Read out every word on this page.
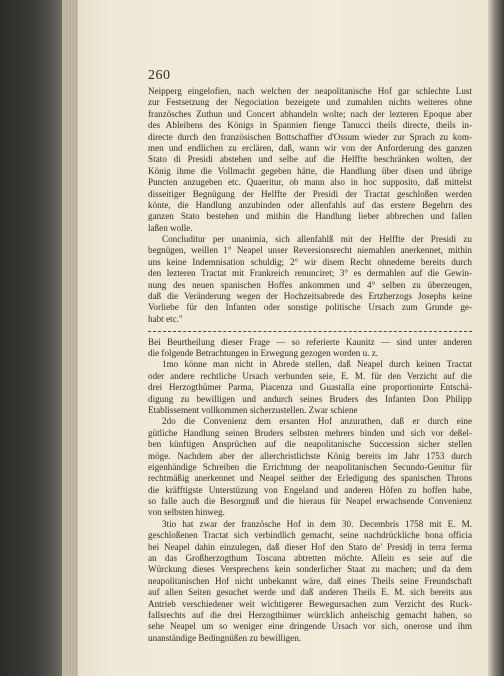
260
Neipperg eingelofien, nach welchen der neapolitanische Hof gar schlechte Lust
zur Festsetzung der Negociation bezeigete und zumahlen nichts weiteres ohne
französches Zuthun und Concert abhandeln wolte; nach der lezteren Epoque aber
des Ableibens des Königs in Spannien fienge Tanucci theils directe, theils in-
directe durch den französischen Bottschaffter d'Ossum wieder zur Sprach zu kom-
men und endlichen zu erclären, daß, wann wir von der Anforderung des ganzen
Stato di Presidi abstehen und selbe auf die Helffte beschränken wolten, der
König ihme die Vollmacht gegeben hätte, die Handlung über disen und übrige
Puncten anzugeben etc. Quaeritur, ob mann also in hoc supposito, daß mittelst
disseitiger Begnügung der Helffte der Presidi der Tractat geschloßen werden
könte, die Handlung anzubinden oder allenfahls auf das erstere Begehrn des
ganzen Stato bestehen und mithin die Handlung lieber abbrechen und fallen
laßen wolle.
Concluditur per unanimia, sich allenfahlß mit der Helffte der Presidi zu
begnügen, weillen 1° Neapel unser Reversionsrecht niemahlen anerkennet, mithin
uns keine Indemnisation schuldig; 2° wir disem Recht ohnedeme bereits durch
den lezteren Tractat mit Frankreich renunciret; 3° es dermahlen auf die Gewin-
nung des neuen spanischen Hoffes ankommen und 4° selben zu überzeugen,
daß die Veränderung wegen der Hochzeitsabrede des Ertzherzogs Josephs keine
Vorliebe für den Infanten oder sonstige politische Ursach zum Grunde ge-
habt etc."
Bei Beurtheilung dieser Frage — so referierte Kaunitz — sind unter anderen
die folgende Betrachtungen in Erwegung gezogen worden u. z.
1mo könne man nicht in Abrede stellen, daß Neapel durch keinen Tractat
oder andere rechtliche Ursach verbunden seie, E. M. für den Verzicht auf die
drei Herzogthümer Parma, Piacenza und Guastalla eine proportionirte Entschä-
digung zu bewilligen und andurch seines Bruders des Infanten Don Philipp
Etablissement vollkommen sicherzustellen. Zwar schiene
2do die Convenienz dem ersanten Hof anzurathen, daß er durch eine
gütliche Handlung seinen Bruders selbsten mehrers binden und sich vor deßel-
ben künftigen Ansprüchen auf die neapolitanische Succession sicher stellen
möge. Nachdem aber der allerchristlichste König bereits im Jahr 1753 durch
eigenhändige Schreiben die Errichtung der neapolitanischen Secundo-Genitur für
rechtmäßig anerkennet und Neapel seither der Erledigung des spanischen Throns
die kräfftigste Unterstüzung von Engeland und anderen Höfen zu hoffen habe,
so falle auch die Besorgnuß und die hieraus für Neapel erwachsende Convenienz
von selbsten hinweg.
3tio hat zwar der französche Hof in dem 30. Decembris 1758 mit E. M.
geschloßenen Tractat sich verbindlich gemacht, seine nachdrückliche bona officia
bei Neapel dahin einzulegen, daß dieser Hof den Stato de' Presidj in terra ferma
an das Großherzogthum Toscana abtretten möchte. Allein es seie auf die
Würckung dieses Versprechens kein sonderlicher Staat zu machen; und da dem
neapolitanischen Hof nicht unbekannt wäre, daß eines Theils seine Freundschaft
auf allen Seiten gesuchet werde und daß anderen Theils E. M. sich bereits aus
Antrieb verschiedener weit wichtigerer Bewegursachen zum Verzicht des Ruck-
fallsrechts auf die drei Herzogthümer würcklich anheischig gemacht haben, so
sehe Neapel um so weniger eine dringende Ursach vor sich, onerose und ihm
unanständige Bedingnüßen zu bewilligen.
